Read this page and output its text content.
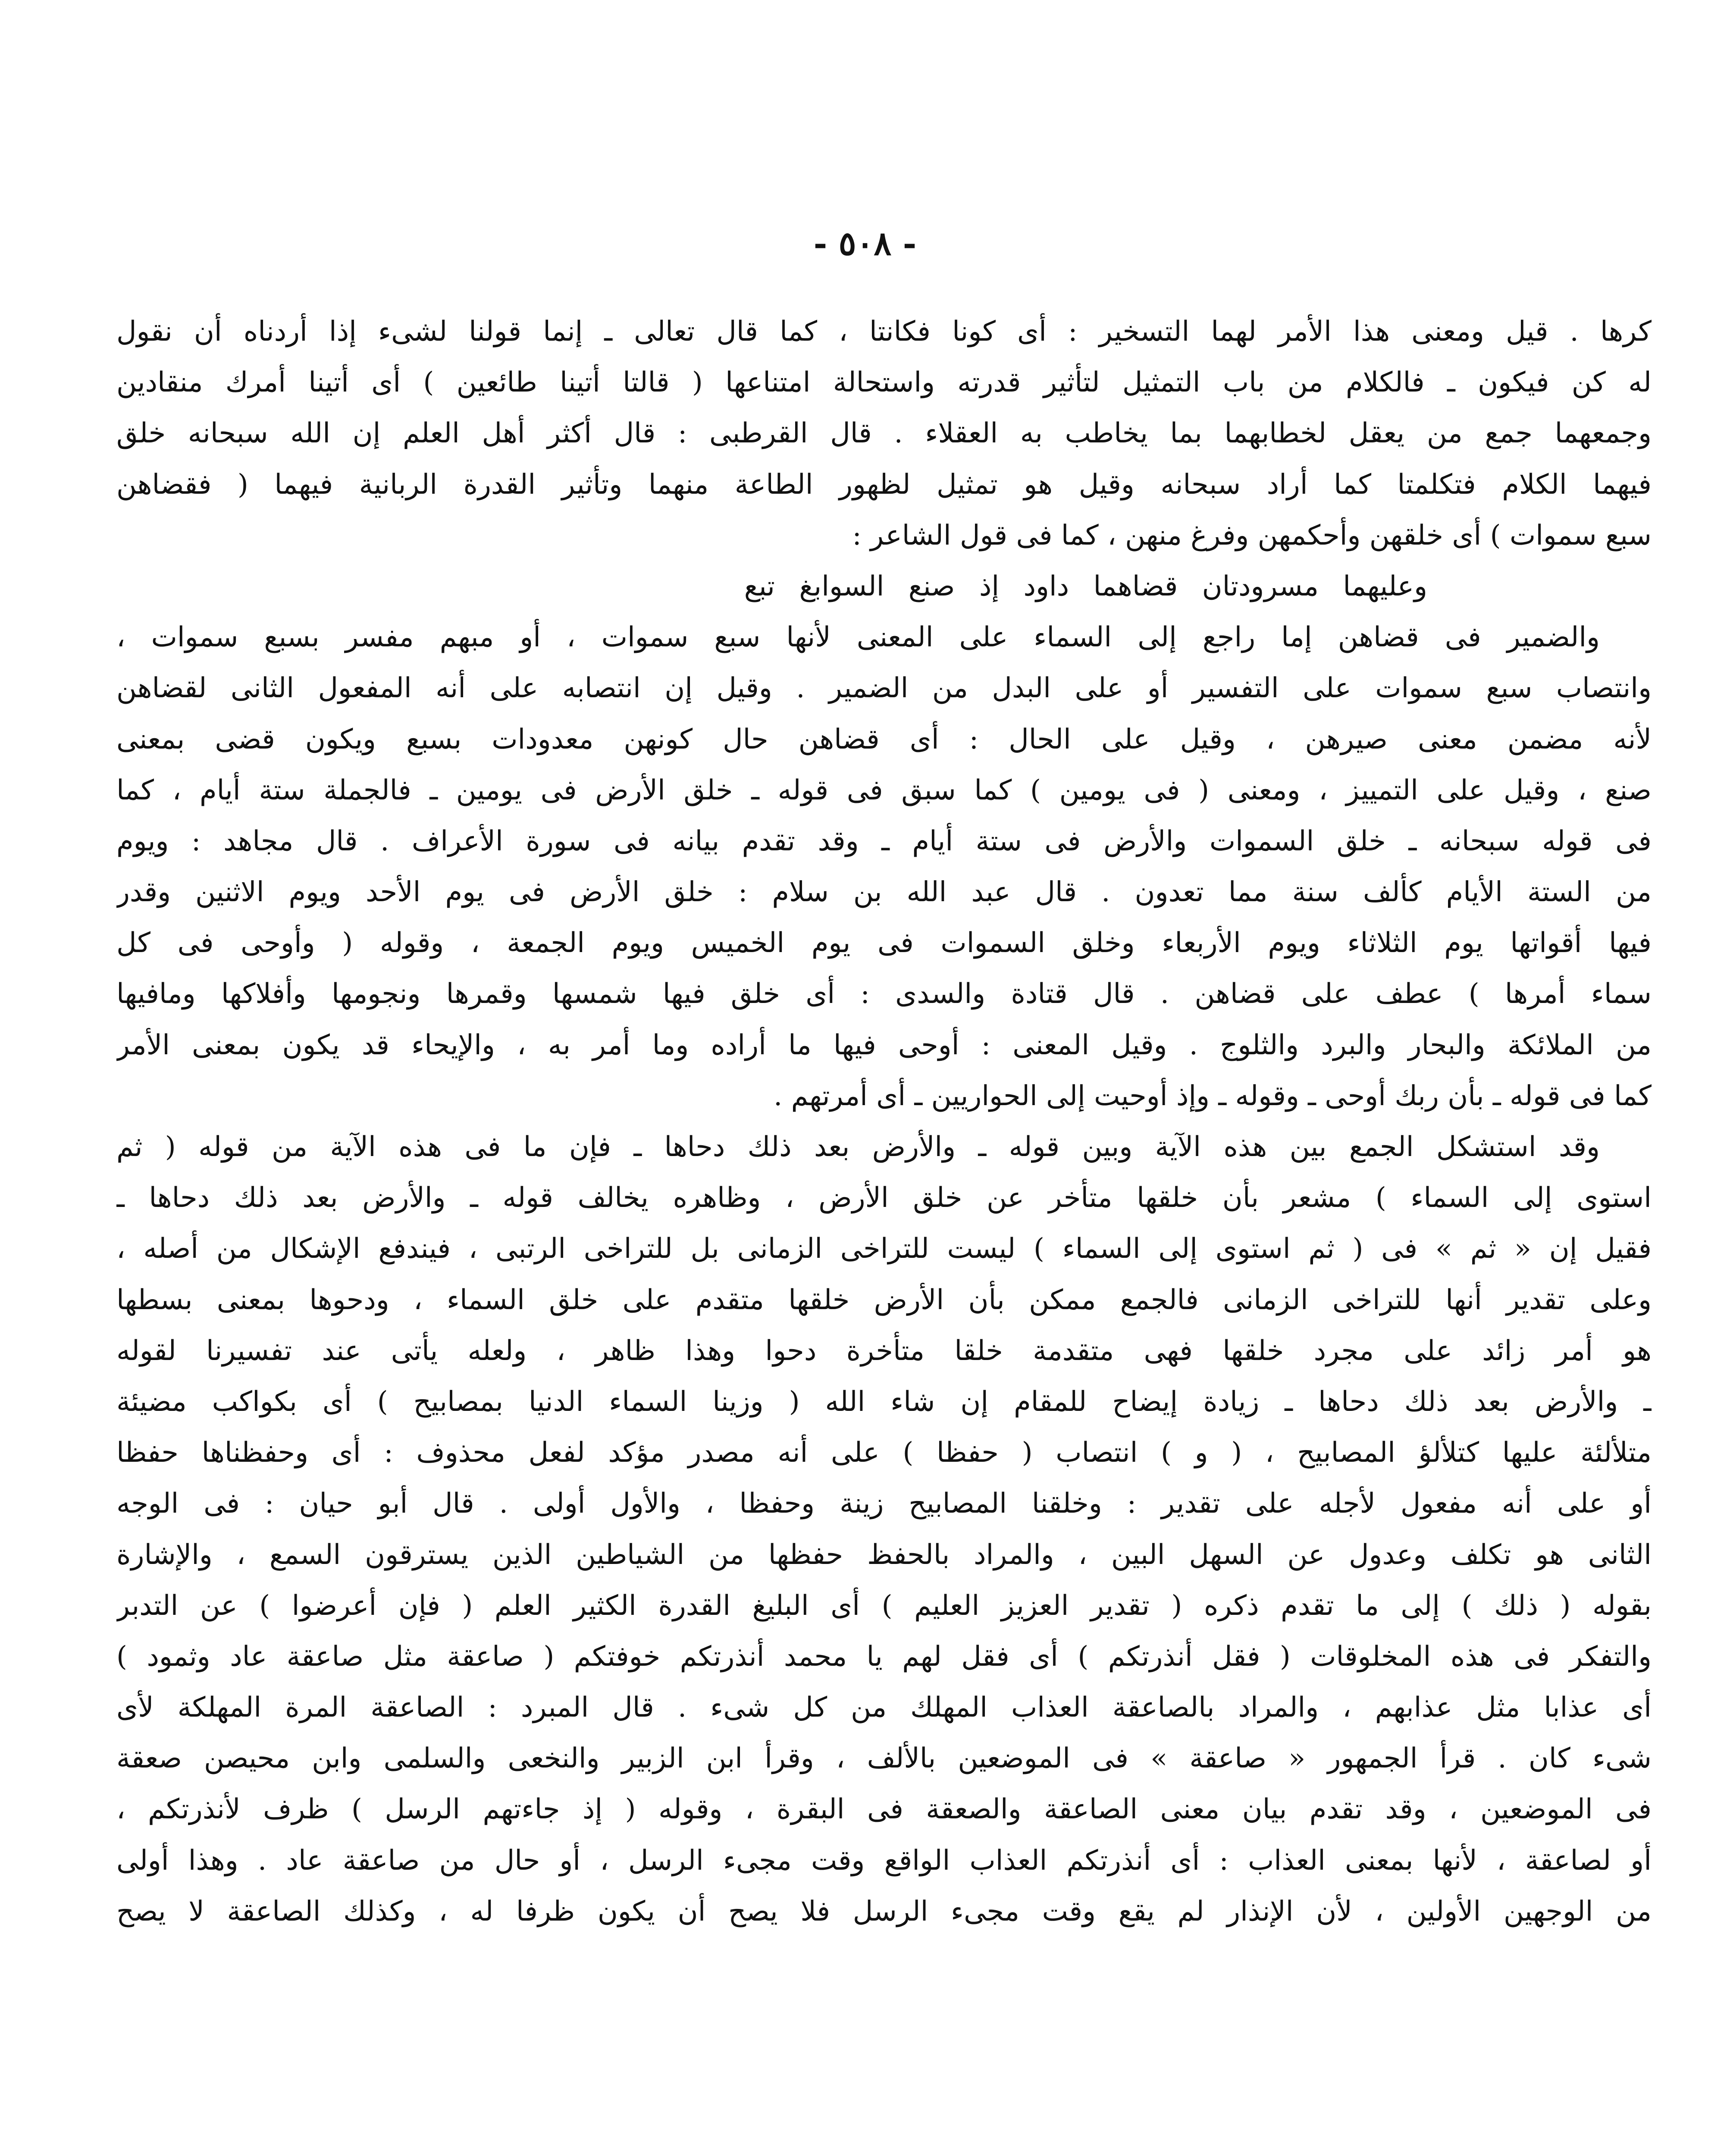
- ٥٠٨ -
كرها . قيل ومعنى هذا الأمر لهما التسخير : أى كونا فكانتا ، كما قال تعالى ـ إنما قولنا لشىء إذا أردناه أن نقول
له كن فيكون ـ فالكلام من باب التمثيل لتأثير قدرته واستحالة امتناعها ( قالتا أتينا طائعين ) أى أتينا أمرك منقادين
وجمعهما جمع من يعقل لخطابهما بما يخاطب به العقلاء . قال القرطبى : قال أكثر أهل العلم إن الله سبحانه خلق
فيهما الكلام فتكلمتا كما أراد سبحانه وقيل هو تمثيل لظهور الطاعة منهما وتأثير القدرة الربانية فيهما ( فقضاهن
سبع سموات ) أى خلقهن وأحكمهن وفرغ منهن ، كما فى قول الشاعر :
وعليهما مسرودتان قضاهما داود إذ صنع السوابغ تبع
والضمير فى قضاهن إما راجع إلى السماء على المعنى لأنها سبع سموات ، أو مبهم مفسر بسبع سموات ،
وانتصاب سبع سموات على التفسير أو على البدل من الضمير . وقيل إن انتصابه على أنه المفعول الثانى لقضاهن
لأنه مضمن معنى صيرهن ، وقيل على الحال : أى قضاهن حال كونهن معدودات بسبع ويكون قضى بمعنى
صنع ، وقيل على التمييز ، ومعنى ( فى يومين ) كما سبق فى قوله ـ خلق الأرض فى يومين ـ فالجملة ستة أيام ، كما
فى قوله سبحانه ـ خلق السموات والأرض فى ستة أيام ـ وقد تقدم بيانه فى سورة الأعراف . قال مجاهد : ويوم
من الستة الأيام كألف سنة مما تعدون . قال عبد الله بن سلام : خلق الأرض فى يوم الأحد ويوم الاثنين وقدر
فيها أقواتها يوم الثلاثاء ويوم الأربعاء وخلق السموات فى يوم الخميس ويوم الجمعة ، وقوله ( وأوحى فى كل
سماء أمرها ) عطف على قضاهن . قال قتادة والسدى : أى خلق فيها شمسها وقمرها ونجومها وأفلاكها ومافيها
من الملائكة والبحار والبرد والثلوج . وقيل المعنى : أوحى فيها ما أراده وما أمر به ، والإيحاء قد يكون بمعنى الأمر
كما فى قوله ـ بأن ربك أوحى ـ وقوله ـ وإذ أوحيت إلى الحواريين ـ أى أمرتهم .
وقد استشكل الجمع بين هذه الآية وبين قوله ـ والأرض بعد ذلك دحاها ـ فإن ما فى هذه الآية من قوله ( ثم
استوى إلى السماء ) مشعر بأن خلقها متأخر عن خلق الأرض ، وظاهره يخالف قوله ـ والأرض بعد ذلك دحاها ـ
فقيل إن « ثم » فى ( ثم استوى إلى السماء ) ليست للتراخى الزمانى بل للتراخى الرتبى ، فيندفع الإشكال من أصله ،
وعلى تقدير أنها للتراخى الزمانى فالجمع ممكن بأن الأرض خلقها متقدم على خلق السماء ، ودحوها بمعنى بسطها
هو أمر زائد على مجرد خلقها فهى متقدمة خلقا متأخرة دحوا وهذا ظاهر ، ولعله يأتى عند تفسيرنا لقوله
ـ والأرض بعد ذلك دحاها ـ زيادة إيضاح للمقام إن شاء الله ( وزينا السماء الدنيا بمصابيح ) أى بكواكب مضيئة
متلألئة عليها كتلألؤ المصابيح ، ( و ) انتصاب ( حفظا ) على أنه مصدر مؤكد لفعل محذوف : أى وحفظناها حفظا
أو على أنه مفعول لأجله على تقدير : وخلقنا المصابيح زينة وحفظا ، والأول أولى . قال أبو حيان : فى الوجه
الثانى هو تكلف وعدول عن السهل البين ، والمراد بالحفظ حفظها من الشياطين الذين يسترقون السمع ، والإشارة
بقوله ( ذلك ) إلى ما تقدم ذكره ( تقدير العزيز العليم ) أى البليغ القدرة الكثير العلم ( فإن أعرضوا ) عن التدبر
والتفكر فى هذه المخلوقات ( فقل أنذرتكم ) أى فقل لهم يا محمد أنذرتكم خوفتكم ( صاعقة مثل صاعقة عاد وثمود )
أى عذابا مثل عذابهم ، والمراد بالصاعقة العذاب المهلك من كل شىء . قال المبرد : الصاعقة المرة المهلكة لأى
شىء كان . قرأ الجمهور « صاعقة » فى الموضعين بالألف ، وقرأ ابن الزبير والنخعى والسلمى وابن محيصن صعقة
فى الموضعين ، وقد تقدم بيان معنى الصاعقة والصعقة فى البقرة ، وقوله ( إذ جاءتهم الرسل ) ظرف لأنذرتكم ،
أو لصاعقة ، لأنها بمعنى العذاب : أى أنذرتكم العذاب الواقع وقت مجىء الرسل ، أو حال من صاعقة عاد . وهذا أولى
من الوجهين الأولين ، لأن الإنذار لم يقع وقت مجىء الرسل فلا يصح أن يكون ظرفا له ، وكذلك الصاعقة لا يصح
